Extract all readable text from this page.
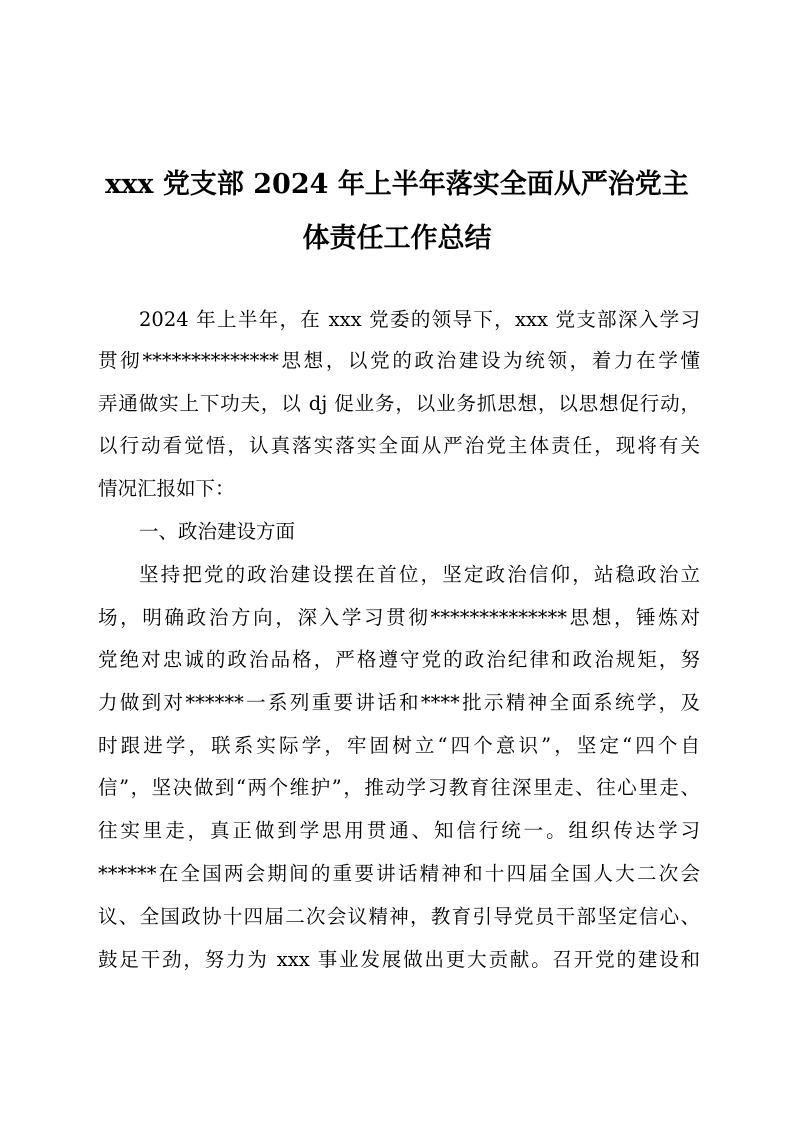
xxx 党支部 2024 年上半年落实全面从严治党主
体责任工作总结
2024 年上半年，在 xxx 党委的领导下，xxx 党支部深入学习
贯彻**************思想，以党的政治建设为统领，着力在学懂
弄通做实上下功夫，以 dj 促业务，以业务抓思想，以思想促行动，
以行动看觉悟，认真落实落实全面从严治党主体责任，现将有关
情况汇报如下：
一、政治建设方面
坚持把党的政治建设摆在首位，坚定政治信仰，站稳政治立
场，明确政治方向，深入学习贯彻**************思想，锤炼对
党绝对忠诚的政治品格，严格遵守党的政治纪律和政治规矩，努
力做到对******一系列重要讲话和****批示精神全面系统学，及
时跟进学，联系实际学，牢固树立“四个意识”，坚定“四个自
信”，坚决做到“两个维护”，推动学习教育往深里走、往心里走、
往实里走，真正做到学思用贯通、知信行统一。组织传达学习
******在全国两会期间的重要讲话精神和十四届全国人大二次会
议、全国政协十四届二次会议精神，教育引导党员干部坚定信心、
鼓足干劲，努力为 xxx 事业发展做出更大贡献。召开党的建设和
